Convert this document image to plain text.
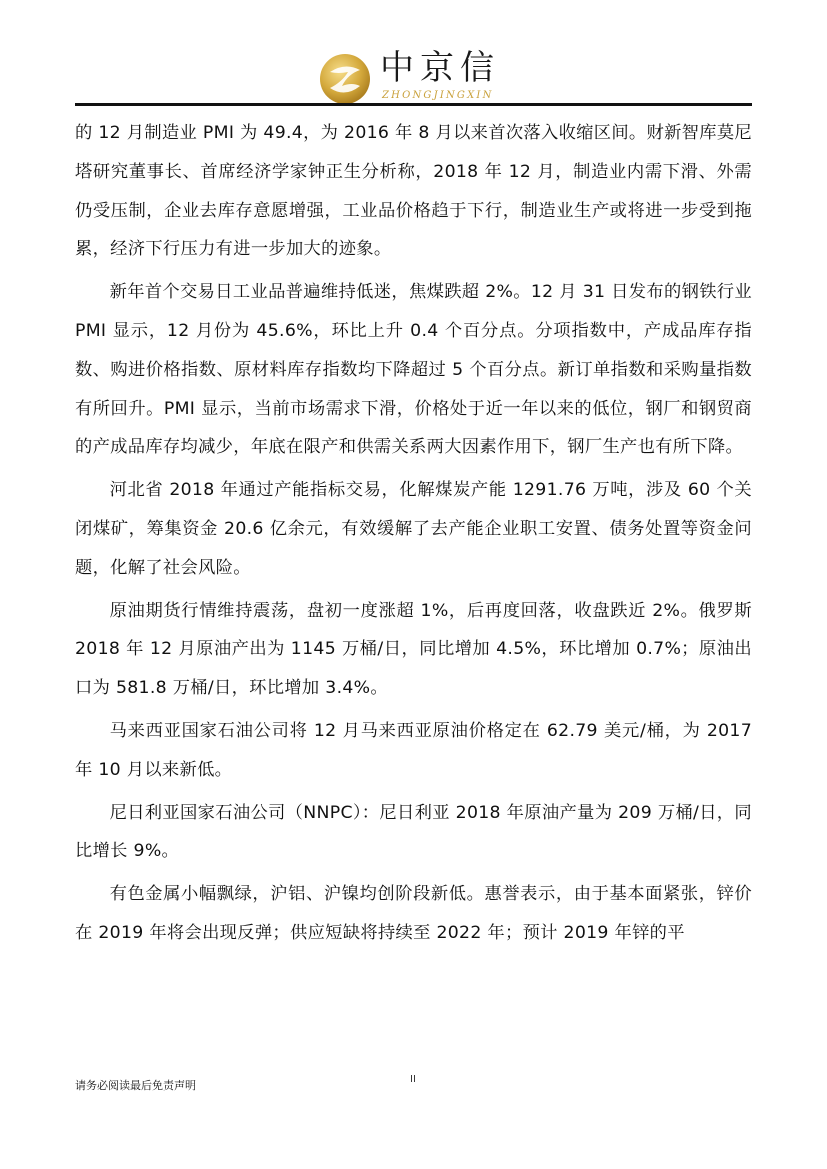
中京信
ZHONGJINGXIN

的 12 月制造业 PMI 为 49.4，为 2016 年 8 月以来首次落入收缩区间。财新智库莫尼塔研究董事长、首席经济学家钟正生分析称，2018 年 12 月，制造业内需下滑、外需仍受压制，企业去库存意愿增强，工业品价格趋于下行，制造业生产或将进一步受到拖累，经济下行压力有进一步加大的迹象。

新年首个交易日工业品普遍维持低迷，焦煤跌超 2%。12 月 31 日发布的钢铁行业 PMI 显示，12 月份为 45.6%，环比上升 0.4 个百分点。分项指数中，产成品库存指数、购进价格指数、原材料库存指数均下降超过 5 个百分点。新订单指数和采购量指数有所回升。PMI 显示，当前市场需求下滑，价格处于近一年以来的低位，钢厂和钢贸商的产成品库存均减少，年底在限产和供需关系两大因素作用下，钢厂生产也有所下降。

河北省 2018 年通过产能指标交易，化解煤炭产能 1291.76 万吨，涉及 60 个关闭煤矿，筹集资金 20.6 亿余元，有效缓解了去产能企业职工安置、债务处置等资金问题，化解了社会风险。

原油期货行情维持震荡，盘初一度涨超 1%，后再度回落，收盘跌近 2%。俄罗斯 2018 年 12 月原油产出为 1145 万桶/日，同比增加 4.5%，环比增加 0.7%；原油出口为 581.8 万桶/日，环比增加 3.4%。

马来西亚国家石油公司将 12 月马来西亚原油价格定在 62.79 美元/桶，为 2017 年 10 月以来新低。

尼日利亚国家石油公司（NNPC）：尼日利亚 2018 年原油产量为 209 万桶/日，同比增长 9%。

有色金属小幅飘绿，沪铝、沪镍均创阶段新低。惠誉表示，由于基本面紧张，锌价在 2019 年将会出现反弹；供应短缺将持续至 2022 年；预计 2019 年锌的平

请务必阅读最后免责声明	II
